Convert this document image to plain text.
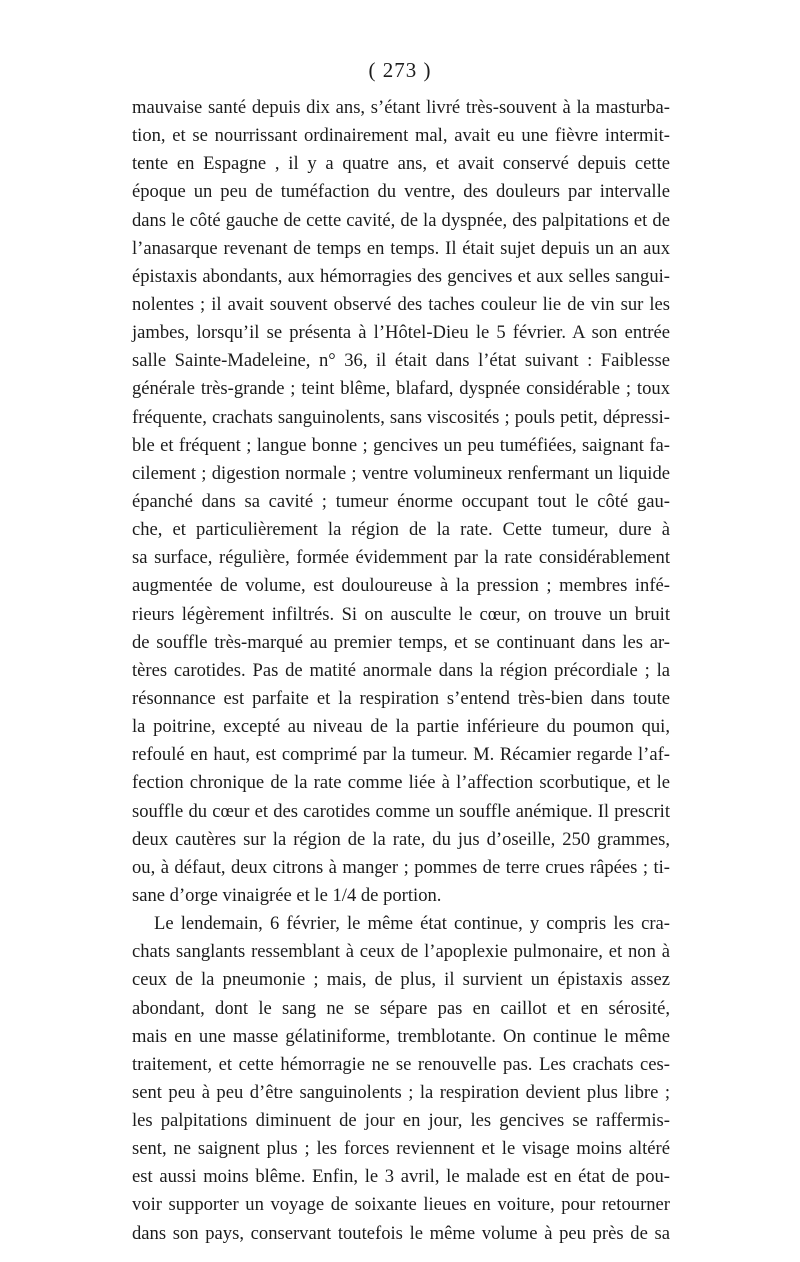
( 273 )
mauvaise santé depuis dix ans, s’étant livré très-souvent à la masturba-
tion, et se nourrissant ordinairement mal, avait eu une fièvre intermit-
tente en Espagne , il y a quatre ans, et avait conservé depuis cette
époque un peu de tuméfaction du ventre, des douleurs par intervalle
dans le côté gauche de cette cavité, de la dyspnée, des palpitations et de
l’anasarque revenant de temps en temps. Il était sujet depuis un an aux
épistaxis abondants, aux hémorragies des gencives et aux selles sangui-
nolentes ; il avait souvent observé des taches couleur lie de vin sur les
jambes, lorsqu’il se présenta à l’Hôtel-Dieu le 5 février. A son entrée
salle Sainte-Madeleine, n° 36, il était dans l’état suivant : Faiblesse
générale très-grande ; teint blême, blafard, dyspnée considérable ; toux
fréquente, crachats sanguinolents, sans viscosités ; pouls petit, dépressi-
ble et fréquent ; langue bonne ; gencives un peu tuméfiées, saignant fa-
cilement ; digestion normale ; ventre volumineux renfermant un liquide
épanché dans sa cavité ; tumeur énorme occupant tout le côté gau-
che, et particulièrement la région de la rate. Cette tumeur, dure à
sa surface, régulière, formée évidemment par la rate considérablement
augmentée de volume, est douloureuse à la pression ; membres infé-
rieurs légèrement infiltrés. Si on ausculte le cœur, on trouve un bruit
de souffle très-marqué au premier temps, et se continuant dans les ar-
tères carotides. Pas de matité anormale dans la région précordiale ; la
résonnance est parfaite et la respiration s’entend très-bien dans toute
la poitrine, excepté au niveau de la partie inférieure du poumon qui,
refoulé en haut, est comprimé par la tumeur. M. Récamier regarde l’af-
fection chronique de la rate comme liée à l’affection scorbutique, et le
souffle du cœur et des carotides comme un souffle anémique. Il prescrit
deux cautères sur la région de la rate, du jus d’oseille, 250 grammes,
ou, à défaut, deux citrons à manger ; pommes de terre crues râpées ; ti-
sane d’orge vinaigrée et le 1/4 de portion.
Le lendemain, 6 février, le même état continue, y compris les cra-
chats sanglants ressemblant à ceux de l’apoplexie pulmonaire, et non à
ceux de la pneumonie ; mais, de plus, il survient un épistaxis assez
abondant, dont le sang ne se sépare pas en caillot et en sérosité,
mais en une masse gélatiniforme, tremblotante. On continue le même
traitement, et cette hémorragie ne se renouvelle pas. Les crachats ces-
sent peu à peu d’être sanguinolents ; la respiration devient plus libre ;
les palpitations diminuent de jour en jour, les gencives se raffermis-
sent, ne saignent plus ; les forces reviennent et le visage moins altéré
est aussi moins blême. Enfin, le 3 avril, le malade est en état de pou-
voir supporter un voyage de soixante lieues en voiture, pour retourner
dans son pays, conservant toutefois le même volume à peu près de sa
